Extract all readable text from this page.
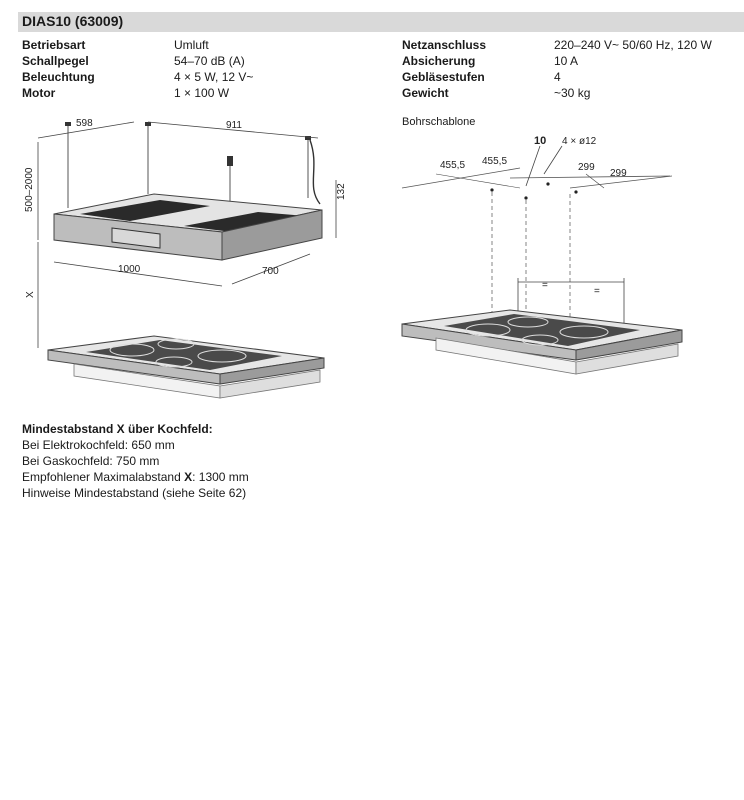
DIAS10 (63009)
Betriebsart	Umluft
Schallpegel	54–70 dB (A)
Beleuchtung	4 × 5 W, 12 V~
Motor	1 × 100 W
Netzanschluss	220–240 V~ 50/60 Hz, 120 W
Absicherung	10 A
Gebläsestufen	4
Gewicht	~30 kg
598	911
500–2000	132
1000	700
X
Bohrschablone
10 4 × ø12
455,5 455,5
299
299
=
=
Mindestabstand X über Kochfeld:
Bei Elektrokochfeld: 650 mm
Bei Gaskochfeld: 750 mm
Empfohlener Maximalabstand X: 1300 mm
Hinweise Mindestabstand (siehe Seite 62)
